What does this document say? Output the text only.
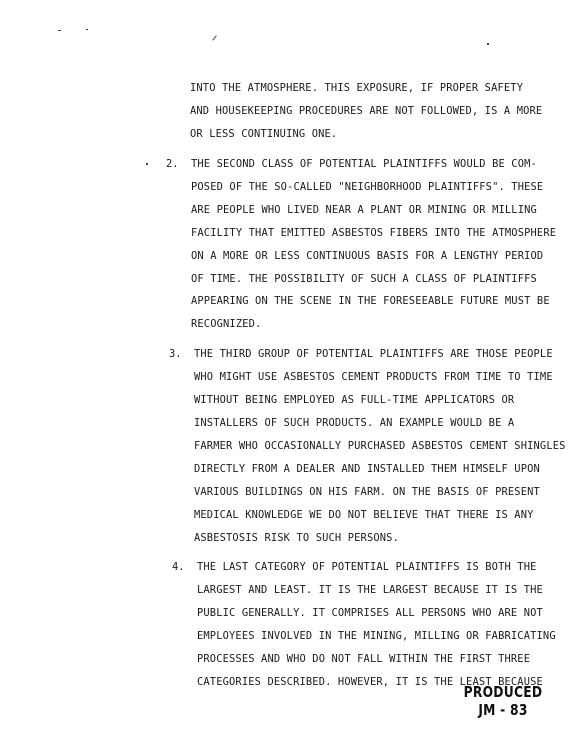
INTO THE ATMOSPHERE. THIS EXPOSURE, IF PROPER SAFETY
AND HOUSEKEEPING PROCEDURES ARE NOT FOLLOWED, IS A MORE
OR LESS CONTINUING ONE.
2. THE SECOND CLASS OF POTENTIAL PLAINTIFFS WOULD BE COM-
POSED OF THE SO-CALLED "NEIGHBORHOOD PLAINTIFFS". THESE
ARE PEOPLE WHO LIVED NEAR A PLANT OR MINING OR MILLING
FACILITY THAT EMITTED ASBESTOS FIBERS INTO THE ATMOSPHERE
ON A MORE OR LESS CONTINUOUS BASIS FOR A LENGTHY PERIOD
OF TIME. THE POSSIBILITY OF SUCH A CLASS OF PLAINTIFFS
APPEARING ON THE SCENE IN THE FORESEEABLE FUTURE MUST BE
RECOGNIZED.
3. THE THIRD GROUP OF POTENTIAL PLAINTIFFS ARE THOSE PEOPLE
WHO MIGHT USE ASBESTOS CEMENT PRODUCTS FROM TIME TO TIME
WITHOUT BEING EMPLOYED AS FULL-TIME APPLICATORS OR
INSTALLERS OF SUCH PRODUCTS. AN EXAMPLE WOULD BE A
FARMER WHO OCCASIONALLY PURCHASED ASBESTOS CEMENT SHINGLES
DIRECTLY FROM A DEALER AND INSTALLED THEM HIMSELF UPON
VARIOUS BUILDINGS ON HIS FARM. ON THE BASIS OF PRESENT
MEDICAL KNOWLEDGE WE DO NOT BELIEVE THAT THERE IS ANY
ASBESTOSIS RISK TO SUCH PERSONS.
4. THE LAST CATEGORY OF POTENTIAL PLAINTIFFS IS BOTH THE
LARGEST AND LEAST. IT IS THE LARGEST BECAUSE IT IS THE
PUBLIC GENERALLY. IT COMPRISES ALL PERSONS WHO ARE NOT
EMPLOYEES INVOLVED IN THE MINING, MILLING OR FABRICATING
PROCESSES AND WHO DO NOT FALL WITHIN THE FIRST THREE
CATEGORIES DESCRIBED. HOWEVER, IT IS THE LEAST BECAUSE
PRODUCED
JM - 83
